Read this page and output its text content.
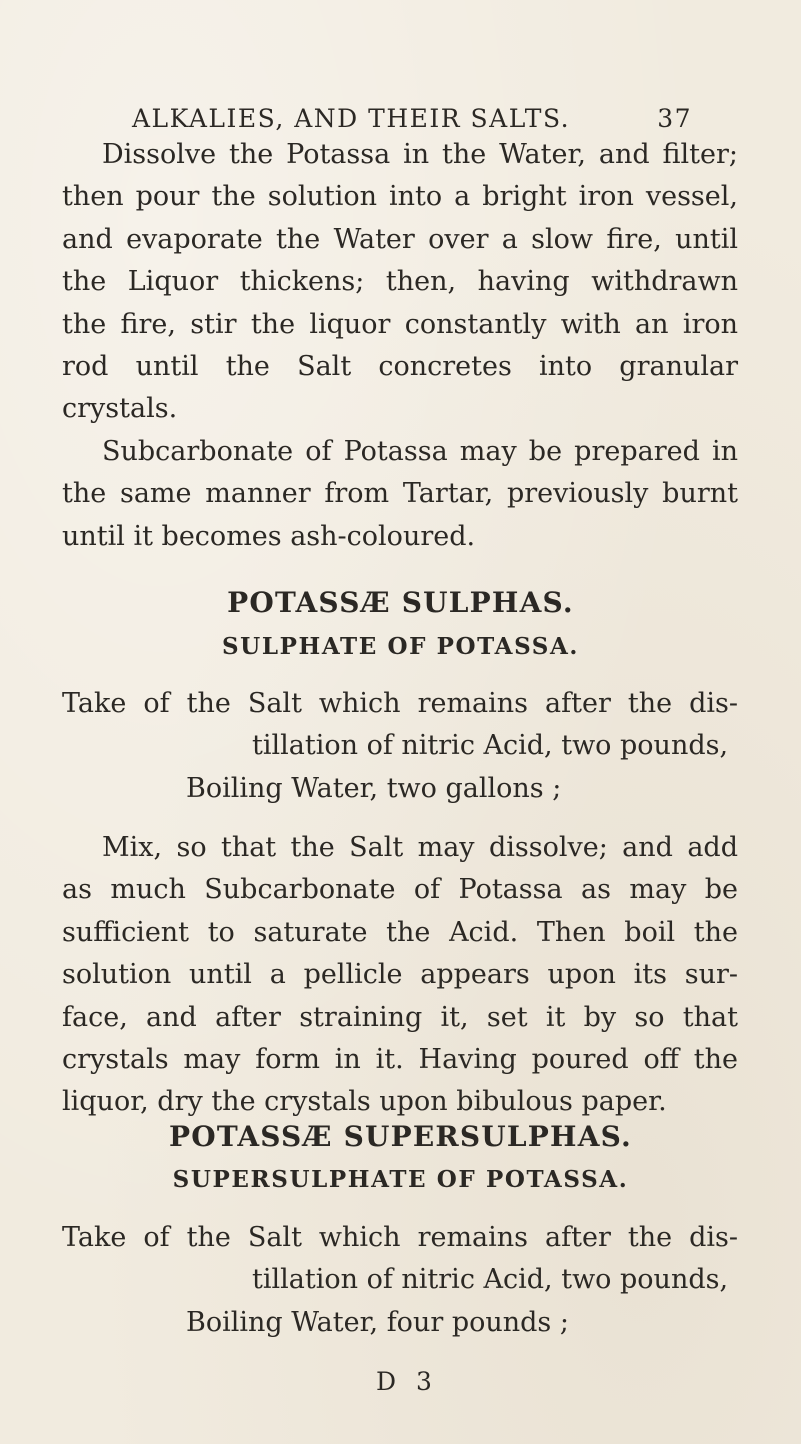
ALKALIES, AND THEIR SALTS.	37
Dissolve the Potassa in the Water, and filter;
then pour the solution into a bright iron vessel,
and evaporate the Water over a slow fire, until
the Liquor thickens; then, having withdrawn
the fire, stir the liquor constantly with an iron
rod until the Salt concretes into granular
crystals.
Subcarbonate of Potassa may be prepared in
the same manner from Tartar, previously burnt
until it becomes ash-coloured.
POTASSÆ SULPHAS.
SULPHATE OF POTASSA.
Take of the Salt which remains after the dis-
tillation of nitric Acid, two pounds,
Boiling Water, two gallons ;
Mix, so that the Salt may dissolve; and add
as much Subcarbonate of Potassa as may be
sufficient to saturate the Acid. Then boil the
solution until a pellicle appears upon its sur-
face, and after straining it, set it by so that
crystals may form in it. Having poured off the
liquor, dry the crystals upon bibulous paper.
POTASSÆ SUPERSULPHAS.
SUPERSULPHATE OF POTASSA.
Take of the Salt which remains after the dis-
tillation of nitric Acid, two pounds,
Boiling Water, four pounds ;
D 3
